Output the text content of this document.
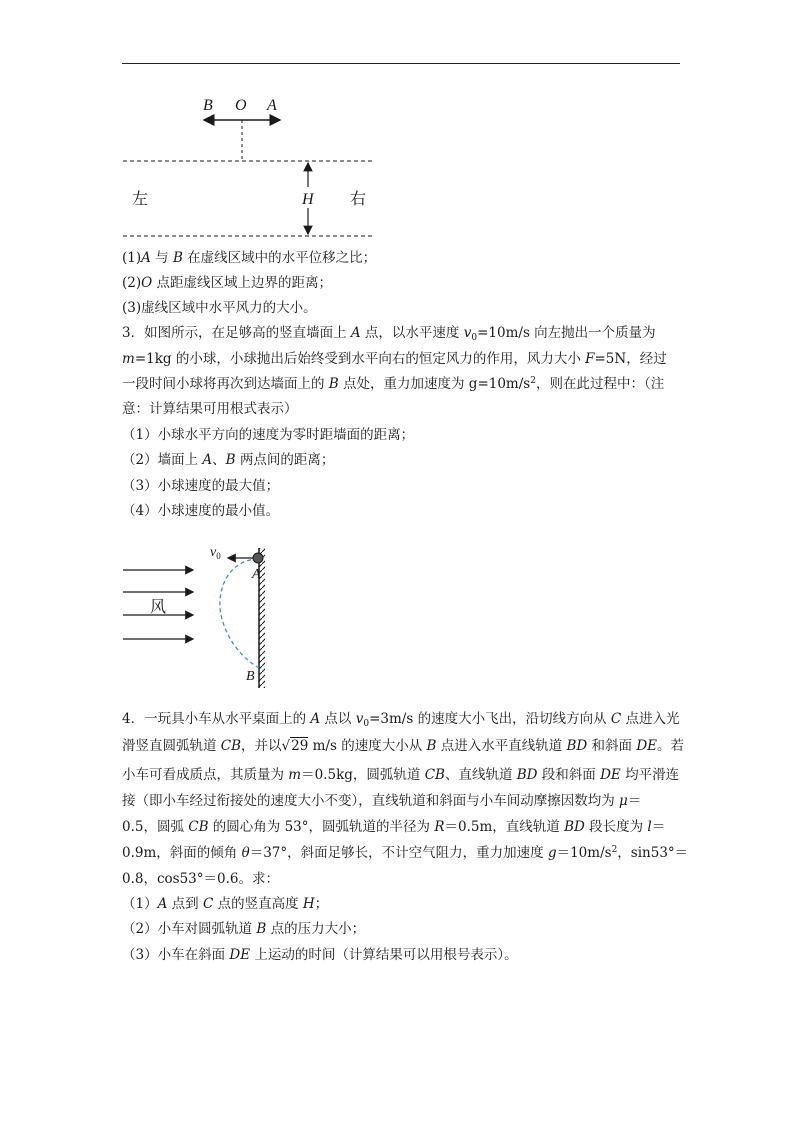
B O A
左	右
H
(1)A 与 B 在虚线区域中的水平位移之比；
(2)O 点距虚线区域上边界的距离；
(3)虚线区域中水平风力的大小。
3．如图所示，在足够高的竖直墙面上 A 点，以水平速度 $v_0=10m/s$ 向左抛出一个质量为
m=1kg 的小球，小球抛出后始终受到水平向右的恒定风力的作用，风力大小 F=5N，经过
一段时间小球将再次到达墙面上的 B 点处，重力加速度为 $g=10m/s^2$，则在此过程中：（注
意：计算结果可用根式表示）
（1）小球水平方向的速度为零时距墙面的距离；
（2）墙面上 A、B 两点间的距离；
（3）小球速度的最大值；
（4）小球速度的最小值。
风
$v_0$
A
B
4．一玩具小车从水平桌面上的 A 点以 $v_0=3m/s$ 的速度大小飞出，沿切线方向从 C 点进入光
滑竖直圆弧轨道 CB，并以√29 m/s 的速度大小从 B 点进入水平直线轨道 BD 和斜面 DE。若
小车可看成质点，其质量为 m＝0.5kg，圆弧轨道 CB、直线轨道 BD 段和斜面 DE 均平滑连
接（即小车经过衔接处的速度大小不变），直线轨道和斜面与小车间动摩擦因数均为 μ＝
0.5，圆弧 CB 的圆心角为 53°，圆弧轨道的半径为 R＝0.5m，直线轨道 BD 段长度为 l＝
0.9m，斜面的倾角 θ＝37°，斜面足够长，不计空气阻力，重力加速度 $g=10m/s^2$，sin53°＝
0.8，cos53°＝0.6。求：
（1）A 点到 C 点的竖直高度 H；
（2）小车对圆弧轨道 B 点的压力大小；
（3）小车在斜面 DE 上运动的时间（计算结果可以用根号表示）。
